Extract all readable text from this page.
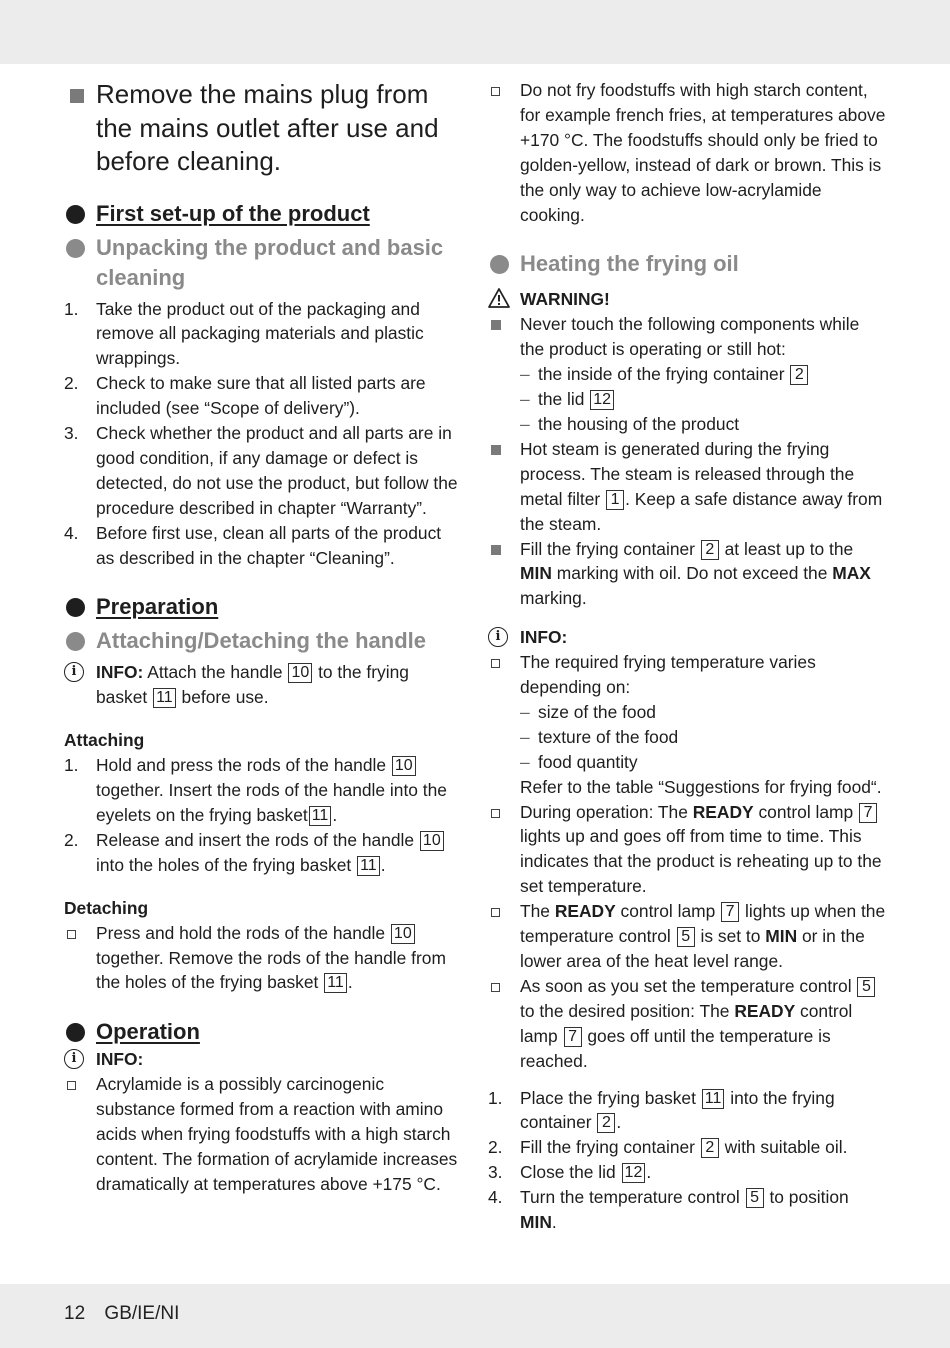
Remove the mains plug from the mains outlet after use and before cleaning.
First set-up of the product
Unpacking the product and basic cleaning
1.	Take the product out of the packaging and remove all packaging materials and plastic wrappings.
2.	Check to make sure that all listed parts are included (see “Scope of delivery”).
3.	Check whether the product and all parts are in good condition, if any damage or defect is detected, do not use the product, but follow the procedure described in chapter “Warranty”.
4.	Before first use, clean all parts of the product as described in the chapter “Cleaning”.
Preparation
Attaching/Detaching the handle
i	INFO: Attach the handle 10 to the frying basket 11 before use.
Attaching
1.	Hold and press the rods of the handle 10 together. Insert the rods of the handle into the eyelets on the frying basket 11 .
2.	Release and insert the rods of the handle 10 into the holes of the frying basket 11 .
Detaching
Press and hold the rods of the handle 10 together. Remove the rods of the handle from the holes of the frying basket 11 .
Operation
i	INFO:
Acrylamide is a possibly carcinogenic substance formed from a reaction with amino acids when frying foodstuffs with a high starch content. The formation of acrylamide increases dramatically at temperatures above +175 °C.
Do not fry foodstuffs with high starch content, for example french fries, at temperatures above +170 °C. The foodstuffs should only be fried to golden-yellow, instead of dark or brown. This is the only way to achieve low-acrylamide cooking.
Heating the frying oil
WARNING!
Never touch the following components while the product is operating or still hot:
– the inside of the frying container 2
– the lid 12
– the housing of the product
Hot steam is generated during the frying process. The steam is released through the metal filter 1 . Keep a safe distance away from the steam.
Fill the frying container 2 at least up to the MIN marking with oil. Do not exceed the MAX marking.
i	INFO:
The required frying temperature varies depending on:
– size of the food
– texture of the food
– food quantity
Refer to the table “Suggestions for frying food“.
During operation: The READY control lamp 7 lights up and goes off from time to time. This indicates that the product is reheating up to the set temperature.
The READY control lamp 7 lights up when the temperature control 5 is set to MIN or in the lower area of the heat level range.
As soon as you set the temperature control 5 to the desired position: The READY control lamp 7 goes off until the temperature is reached.
1.	Place the frying basket 11 into the frying container 2 .
2.	Fill the frying container 2 with suitable oil.
3.	Close the lid 12 .
4.	Turn the temperature control 5 to position MIN.
12 GB/IE/NI
